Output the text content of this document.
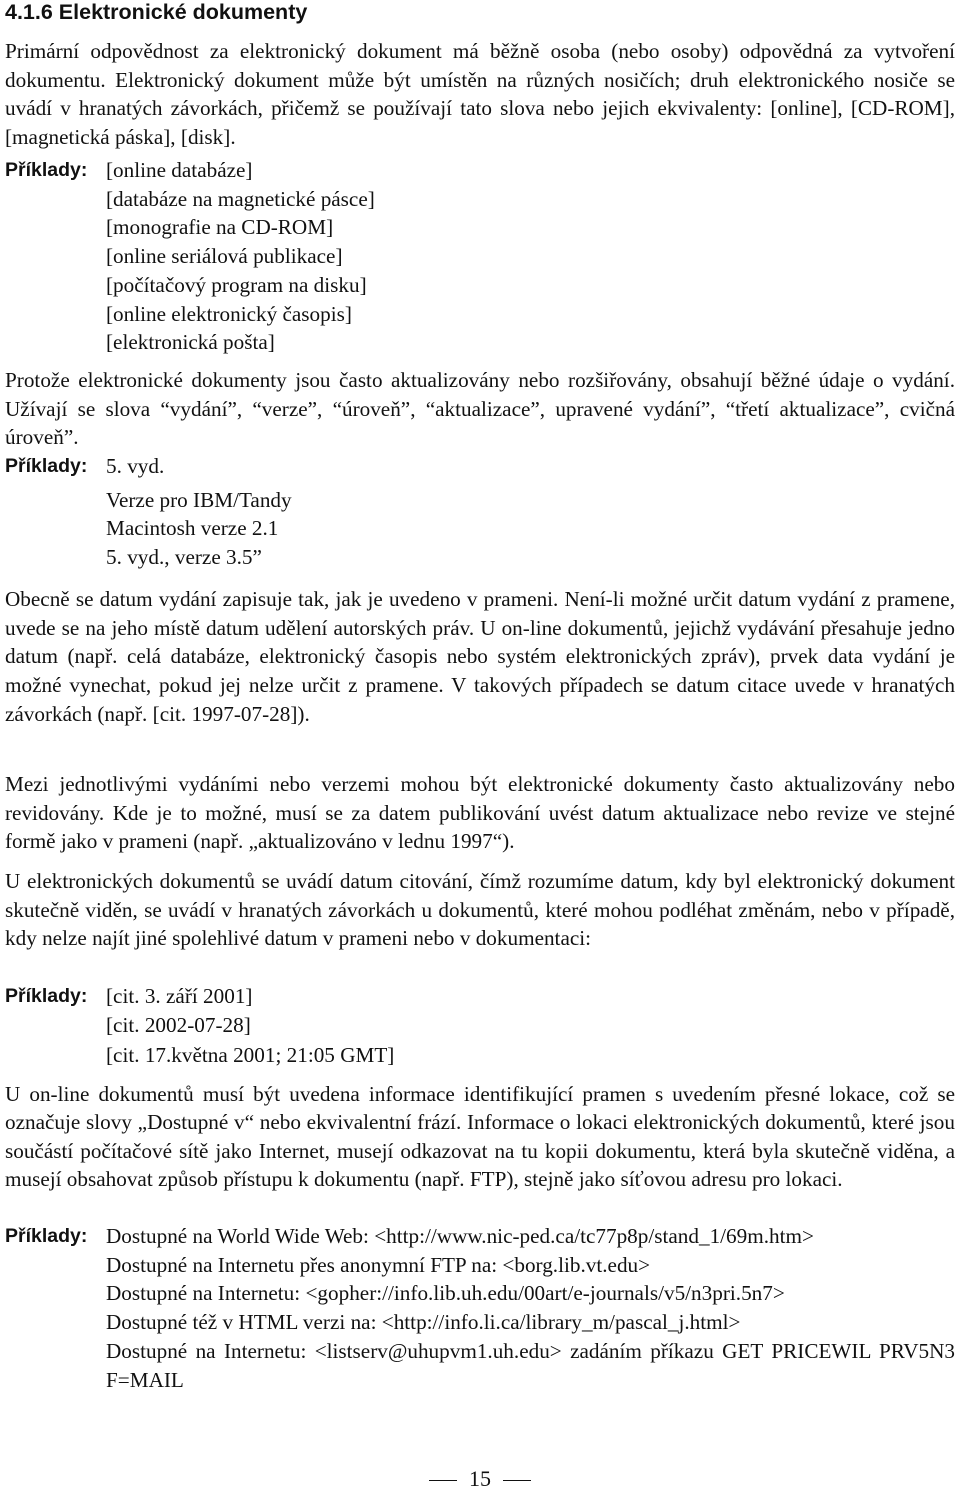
4.1.6 Elektronické dokumenty

Primární odpovědnost za elektronický dokument má běžně osoba (nebo osoby) odpovědná za vytvoření dokumentu. Elektronický dokument může být umístěn na různých nosičích; druh elektronického nosiče se uvádí v hranatých závorkách, přičemž se používají tato slova nebo jejich ekvivalenty: [online], [CD-ROM], [magnetická páska], [disk].

Příklady: [online databáze]
[databáze na magnetické pásce]
[monografie na CD-ROM]
[online seriálová publikace]
[počítačový program na disku]
[online elektronický časopis]
[elektronická pošta]

Protože elektronické dokumenty jsou často aktualizovány nebo rozšiřovány, obsahují běžné údaje o vydání. Užívají se slova “vydání”, “verze”, “úroveň”, “aktualizace”, upravené vydání”, “třetí aktualizace”, cvičná úroveň”.

Příklady: 5. vyd.
Verze pro IBM/Tandy
Macintosh verze 2.1
5. vyd., verze 3.5”

Obecně se datum vydání zapisuje tak, jak je uvedeno v prameni. Není-li možné určit datum vydání z pramene, uvede se na jeho místě datum udělení autorských práv. U on-line dokumentů, jejichž vydávání přesahuje jedno datum (např. celá databáze, elektronický časopis nebo systém elektronických zpráv), prvek data vydání je možné vynechat, pokud jej nelze určit z pramene. V takových případech se datum citace uvede v hranatých závorkách (např. [cit. 1997-07-28]).

Mezi jednotlivými vydáními nebo verzemi mohou být elektronické dokumenty často aktualizovány nebo revidovány. Kde je to možné, musí se za datem publikování uvést datum aktualizace nebo revize ve stejné formě jako v prameni (např. „aktualizováno v lednu 1997“).

U elektronických dokumentů se uvádí datum citování, čímž rozumíme datum, kdy byl elektronický dokument skutečně viděn, se uvádí v hranatých závorkách u dokumentů, které mohou podléhat změnám, nebo v případě, kdy nelze najít jiné spolehlivé datum v prameni nebo v dokumentaci:

Příklady: [cit. 3. září 2001]
[cit. 2002-07-28]
[cit. 17.května 2001; 21:05 GMT]

U on-line dokumentů musí být uvedena informace identifikující pramen s uvedením přesné lokace, což se označuje slovy „Dostupné v“ nebo ekvivalentní frází. Informace o lokaci elektronických dokumentů, které jsou součástí počítačové sítě jako Internet, musejí odkazovat na tu kopii dokumentu, která byla skutečně viděna, a musejí obsahovat způsob přístupu k dokumentu (např. FTP), stejně jako síťovou adresu pro lokaci.

Příklady: Dostupné na World Wide Web: <http://www.nic-ped.ca/tc77p8p/stand_1/69m.htm>
Dostupné na Internetu přes anonymní FTP na: <borg.lib.vt.edu>
Dostupné na Internetu: <gopher://info.lib.uh.edu/00art/e-journals/v5/n3pri.5n7>
Dostupné též v HTML verzi na: <http://info.li.ca/library_m/pascal_j.html>
Dostupné na Internetu: <listserv@uhupvm1.uh.edu> zadáním příkazu GET PRICEWIL PRV5N3 F=MAIL
15
